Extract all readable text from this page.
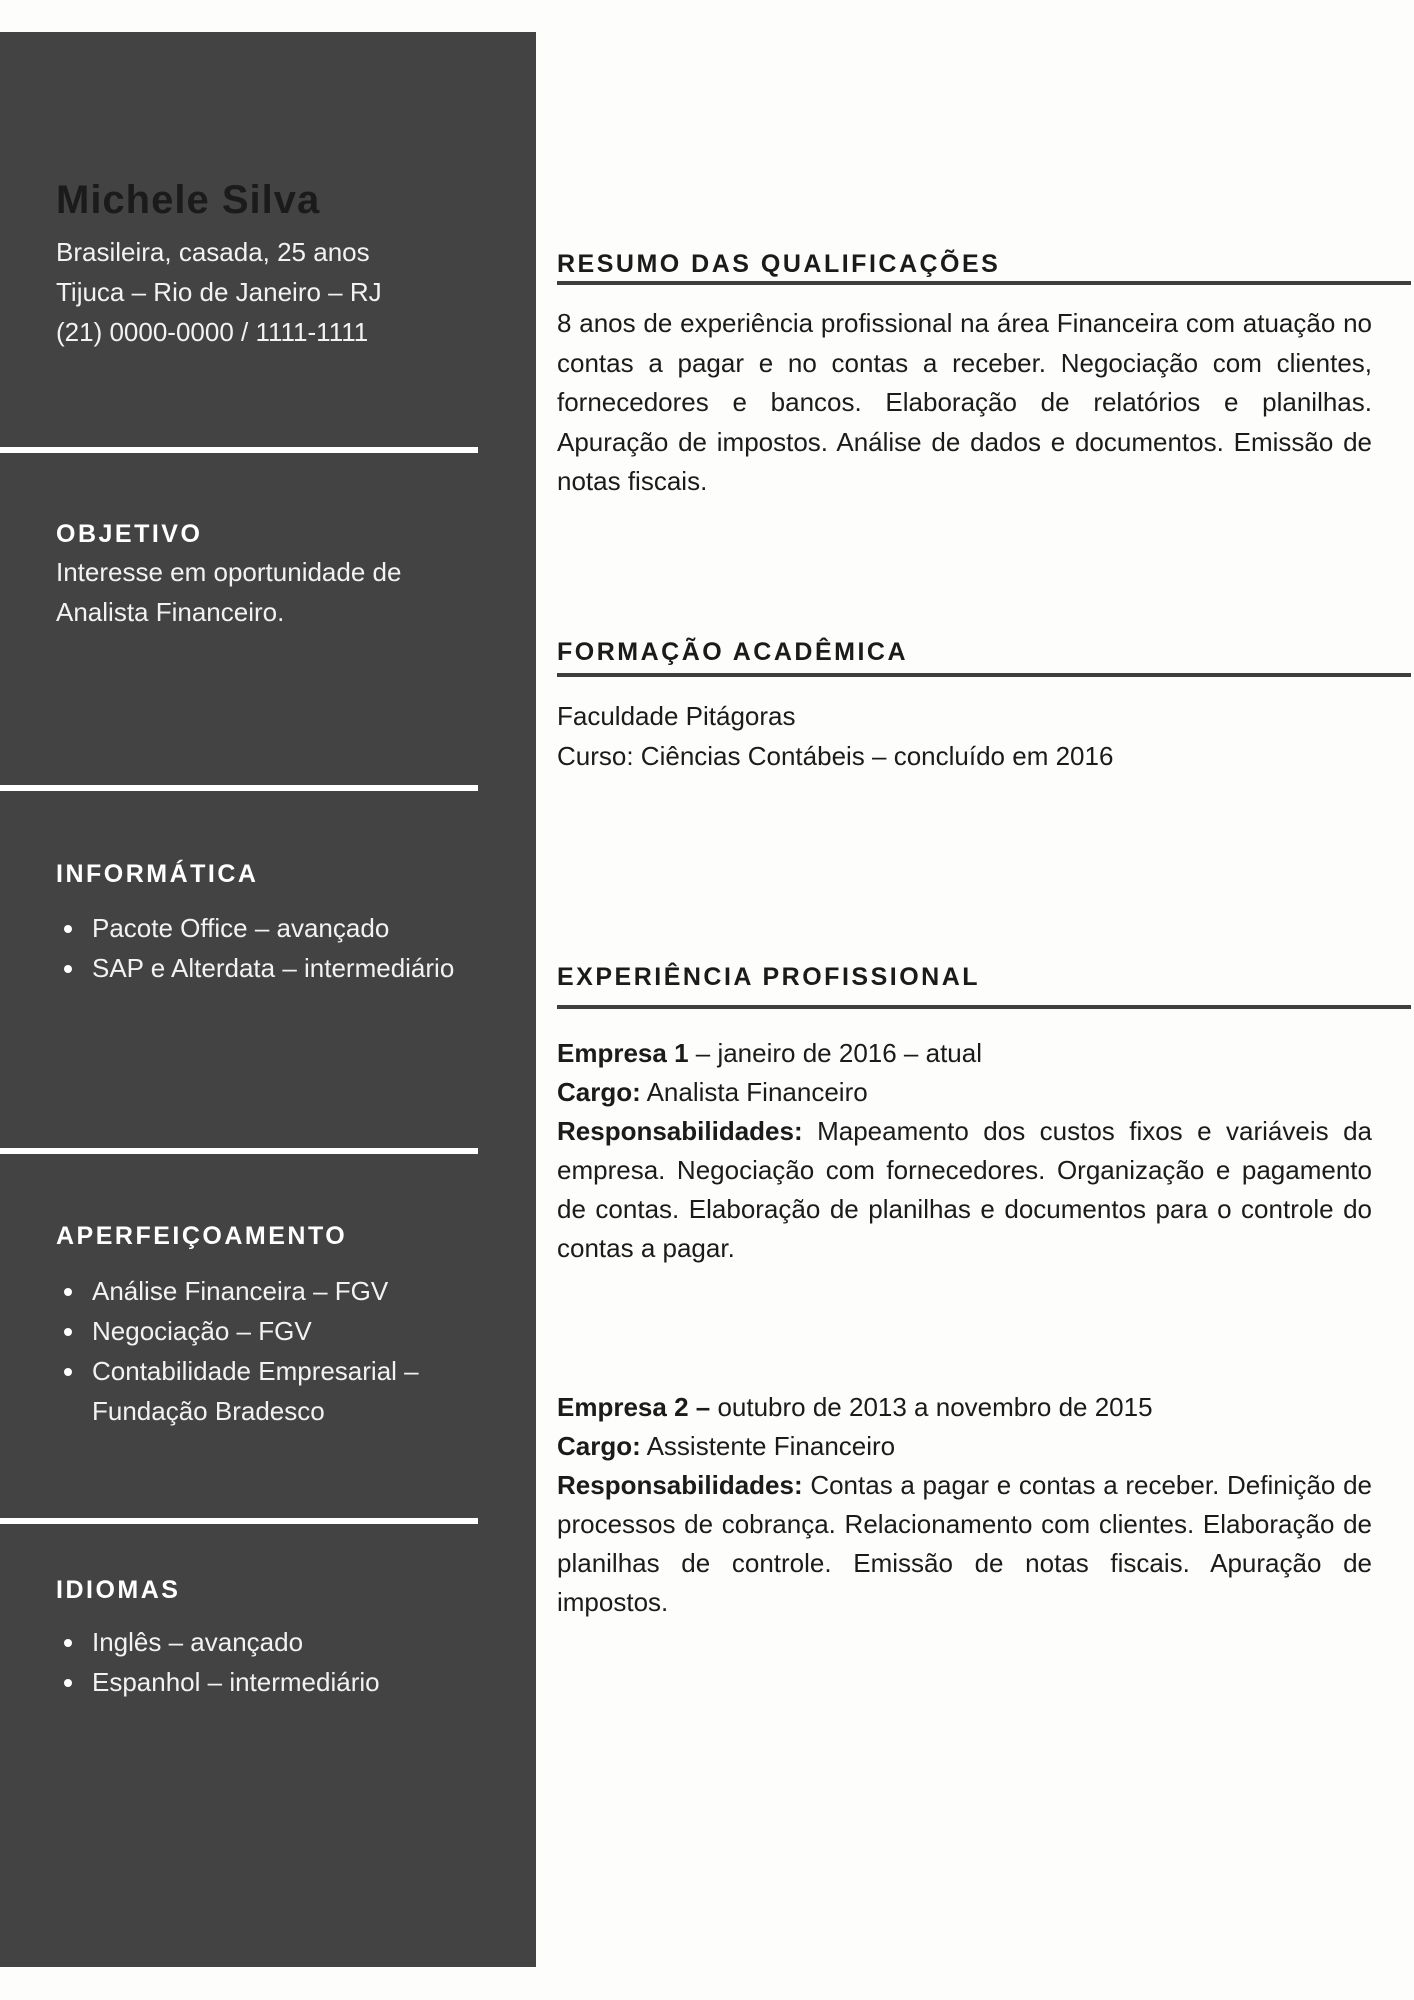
Michele Silva
Brasileira, casada, 25 anos
Tijuca – Rio de Janeiro – RJ
(21) 0000-0000 / 1111-1111
OBJETIVO
Interesse em oportunidade de Analista Financeiro.
INFORMÁTICA
Pacote Office – avançado
SAP e Alterdata – intermediário
APERFEIÇOAMENTO
Análise Financeira – FGV
Negociação – FGV
Contabilidade Empresarial – Fundação Bradesco
IDIOMAS
Inglês – avançado
Espanhol – intermediário
RESUMO DAS QUALIFICAÇÕES
8 anos de experiência profissional na área Financeira com atuação no contas a pagar e no contas a receber. Negociação com clientes, fornecedores e bancos. Elaboração de relatórios e planilhas. Apuração de impostos. Análise de dados e documentos. Emissão de notas fiscais.
FORMAÇÃO ACADÊMICA
Faculdade Pitágoras
Curso: Ciências Contábeis – concluído em 2016
EXPERIÊNCIA PROFISSIONAL

Empresa 1 – janeiro de 2016 – atual

Cargo: Analista Financeiro

Responsabilidades: Mapeamento dos custos fixos e variáveis da empresa. Negociação com fornecedores. Organização e pagamento de contas. Elaboração de planilhas e documentos para o controle do contas a pagar.

Empresa 2 – outubro de 2013 a novembro de 2015

Cargo: Assistente Financeiro

Responsabilidades: Contas a pagar e contas a receber. Definição de processos de cobrança. Relacionamento com clientes. Elaboração de planilhas de controle. Emissão de notas fiscais. Apuração de impostos.
